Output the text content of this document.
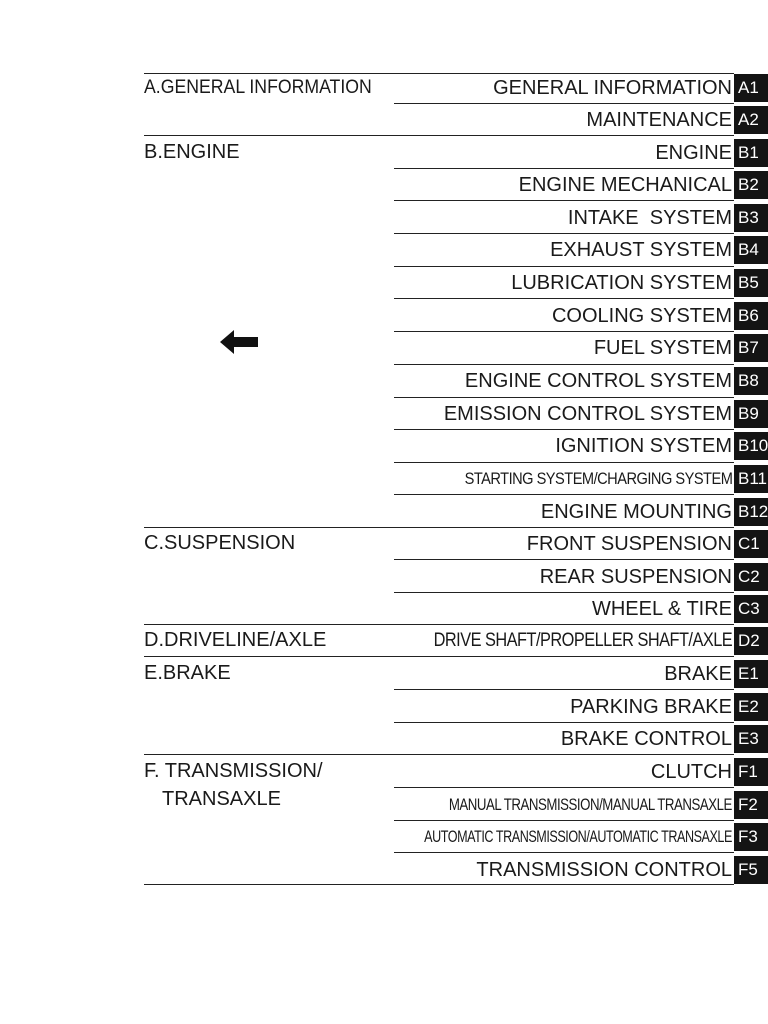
A.GENERAL INFORMATION
B.ENGINE
C.SUSPENSION
D.DRIVELINE/AXLE
E.BRAKE
F. TRANSMISSION/
TRANSAXLE
GENERAL INFORMATION A1
MAINTENANCE A2
ENGINE B1
ENGINE MECHANICAL B2
INTAKE  SYSTEM B3
EXHAUST SYSTEM B4
LUBRICATION SYSTEM B5
COOLING SYSTEM B6
FUEL SYSTEM B7
ENGINE CONTROL SYSTEM B8
EMISSION CONTROL SYSTEM B9
IGNITION SYSTEM B10
STARTING SYSTEM/CHARGING SYSTEM B11
ENGINE MOUNTING B12
FRONT SUSPENSION C1
REAR SUSPENSION C2
WHEEL & TIRE C3
DRIVE SHAFT/PROPELLER SHAFT/AXLE D2
BRAKE E1
PARKING BRAKE E2
BRAKE CONTROL E3
CLUTCH F1
MANUAL TRANSMISSION/MANUAL TRANSAXLE F2
AUTOMATIC TRANSMISSION/AUTOMATIC TRANSAXLE F3
TRANSMISSION CONTROL F5
